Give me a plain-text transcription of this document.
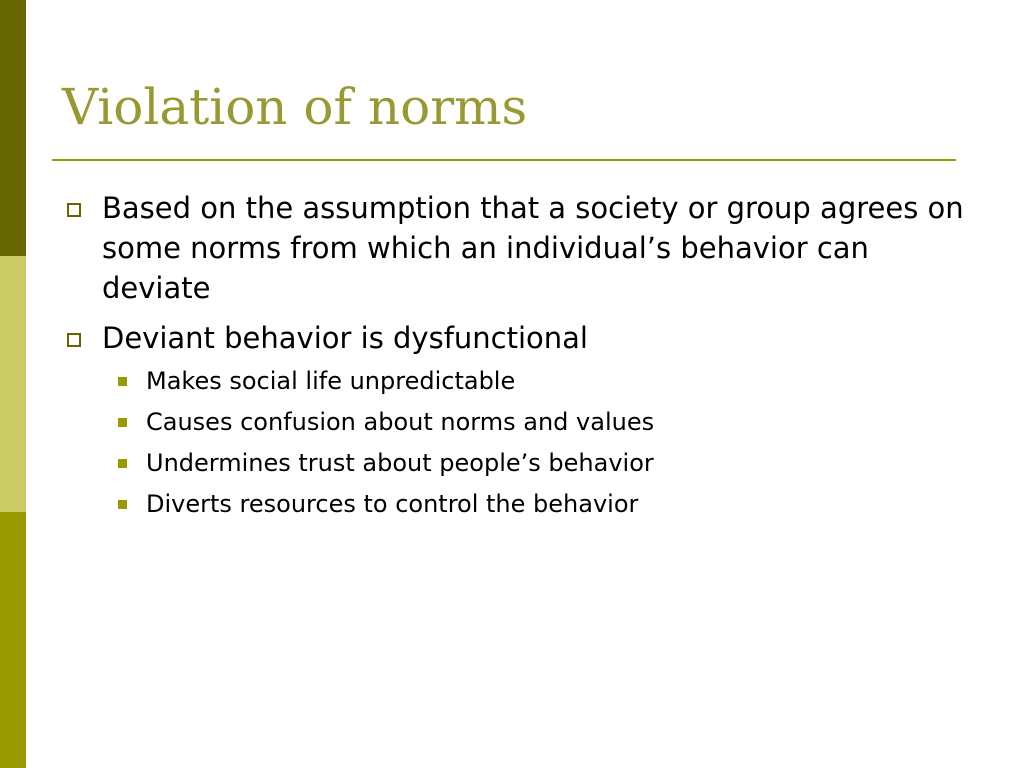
Violation of norms
Based on the assumption that a society or group agrees on some norms from which an individual’s behavior can deviate
Deviant behavior is dysfunctional
Makes social life unpredictable
Causes confusion about norms and values
Undermines trust about people’s behavior
Diverts resources to control the behavior
